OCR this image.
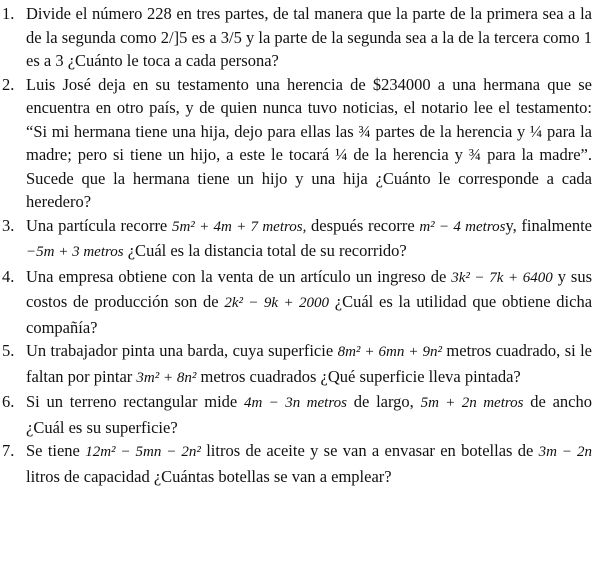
1. Divide el número 228 en tres partes, de tal manera que la parte de la primera sea a la de la segunda como 2/]5 es a 3/5 y la parte de la segunda sea a la de la tercera como 1 es a 3 ¿Cuánto le toca a cada persona?
2. Luis José deja en su testamento una herencia de $234000 a una hermana que se encuentra en otro país, y de quien nunca tuvo noticias, el notario lee el testamento: “Si mi hermana tiene una hija, dejo para ellas las ¾ partes de la herencia y ¼ para la madre; pero si tiene un hijo, a este le tocará ¼ de la herencia y ¾ para la madre”. Sucede que la hermana tiene un hijo y una hija ¿Cuánto le corresponde a cada heredero?
3. Una partícula recorre 5m² + 4m + 7 metros, después recorre m² − 4 metrosy, finalmente −5m + 3 metros ¿Cuál es la distancia total de su recorrido?
4. Una empresa obtiene con la venta de un artículo un ingreso de 3k² − 7k + 6400 y sus costos de producción son de 2k² − 9k + 2000 ¿Cuál es la utilidad que obtiene dicha compañía?
5. Un trabajador pinta una barda, cuya superficie 8m² + 6mn + 9n² metros cuadrado, si le faltan por pintar 3m² + 8n² metros cuadrados ¿Qué superficie lleva pintada?
6. Si un terreno rectangular mide 4m − 3n metros de largo, 5m + 2n metros de ancho ¿Cuál es su superficie?
7. Se tiene 12m² − 5mn − 2n² litros de aceite y se van a envasar en botellas de 3m − 2n litros de capacidad ¿Cuántas botellas se van a emplear?
